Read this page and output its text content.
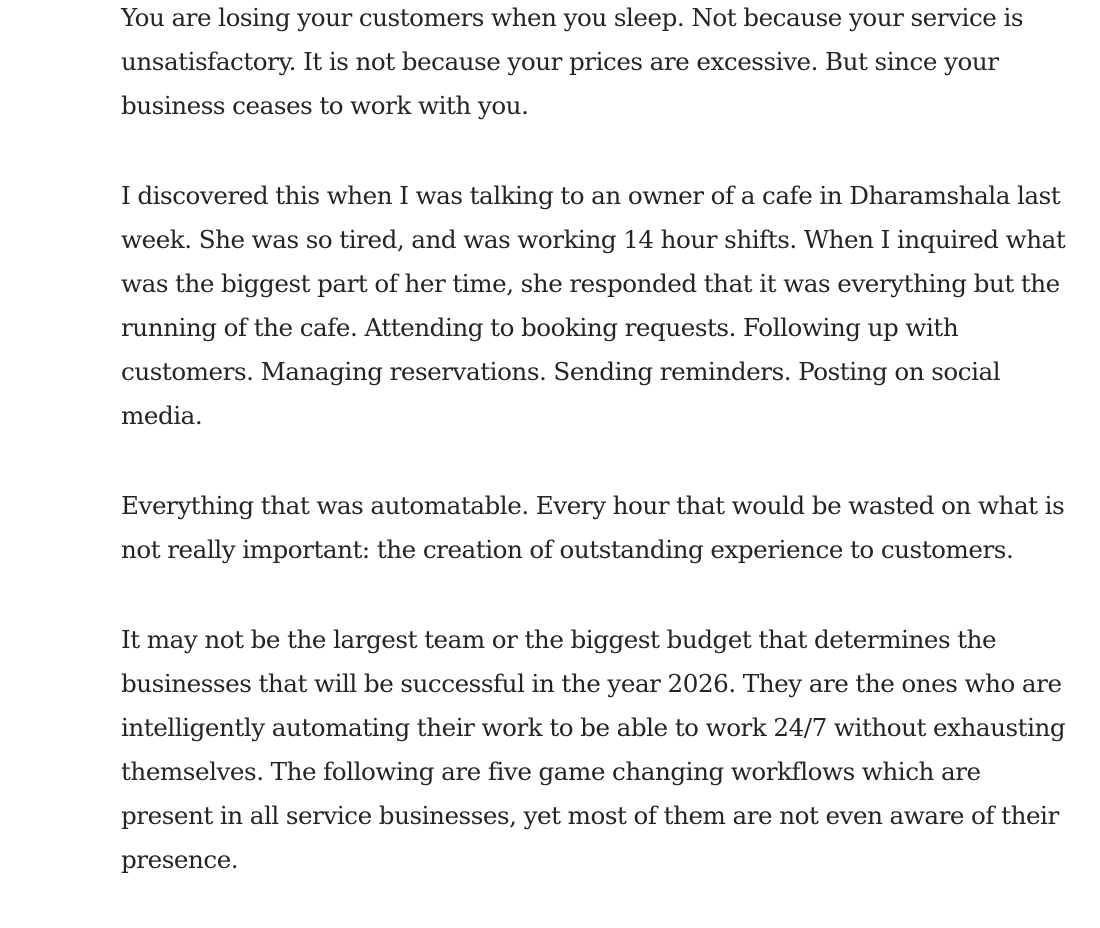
You are losing your customers when you sleep. Not because your service is unsatisfactory. It is not because your prices are excessive. But since your business ceases to work with you.

I discovered this when I was talking to an owner of a cafe in Dharamshala last week. She was so tired, and was working 14 hour shifts. When I inquired what was the biggest part of her time, she responded that it was everything but the running of the cafe. Attending to booking requests. Following up with customers. Managing reservations. Sending reminders. Posting on social media.

Everything that was automatable. Every hour that would be wasted on what is not really important: the creation of outstanding experience to customers.

It may not be the largest team or the biggest budget that determines the businesses that will be successful in the year 2026. They are the ones who are intelligently automating their work to be able to work 24/7 without exhausting themselves. The following are five game changing workflows which are present in all service businesses, yet most of them are not even aware of their presence.
